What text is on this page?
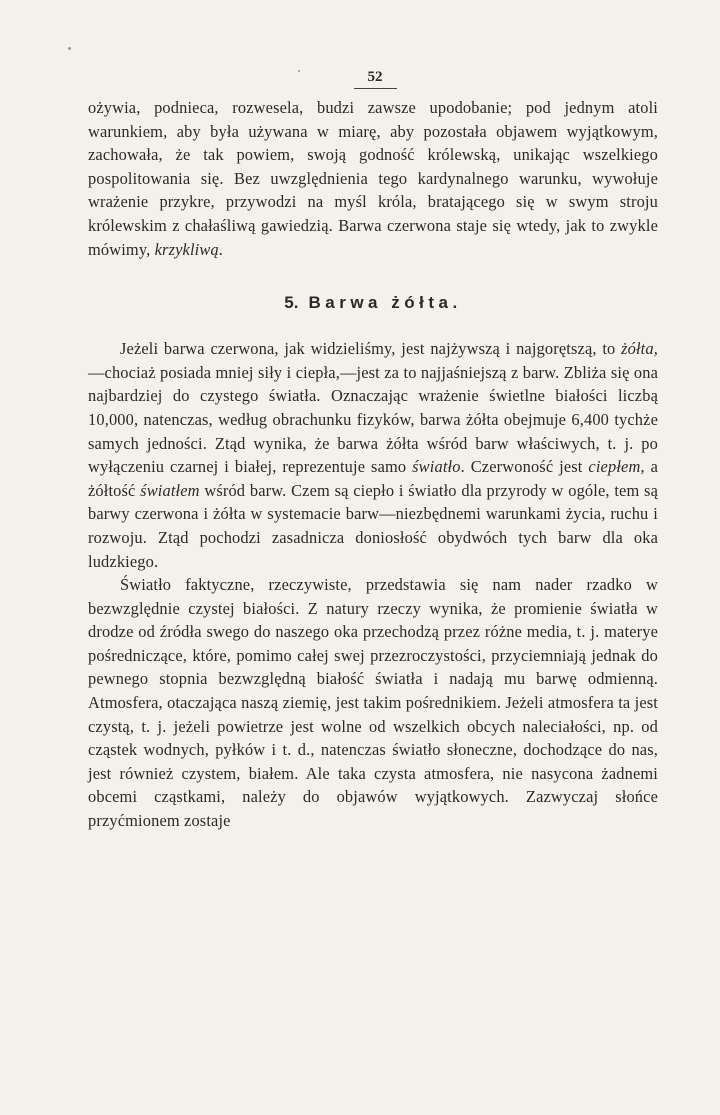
52

ożywia, podnieca, rozwesela, budzi zawsze upodobanie; pod jednym atoli warunkiem, aby była używana w miarę, aby pozostała objawem wyjątkowym, zachowała, że tak powiem, swoją godność królewską, unikając wszelkiego pospolitowania się. Bez uwzględnienia tego kardynalnego warunku, wywołuje wrażenie przykre, przywodzi na myśl króla, bratającego się w swym stroju królewskim z chałaśliwą gawiedzią. Barwa czerwona staje się wtedy, jak to zwykle mówimy, krzykliwą.

5. Barwa żółta.

Jeżeli barwa czerwona, jak widzieliśmy, jest najżywszą i najgorętszą, to żółta,—chociaż posiada mniej siły i ciepła,—jest za to najjaśniejszą z barw. Zbliża się ona najbardziej do czystego światła. Oznaczając wrażenie świetlne białości liczbą 10,000, natenczas, według obrachunku fizyków, barwa żółta obejmuje 6,400 tychże samych jedności. Ztąd wynika, że barwa żółta wśród barw właściwych, t. j. po wyłączeniu czarnej i białej, reprezentuje samo światło. Czerwoność jest ciepłem, a żółtość światłem wśród barw. Czem są ciepło i światło dla przyrody w ogóle, tem są barwy czerwona i żółta w systemacie barw—niezbędnemi warunkami życia, ruchu i rozwoju. Ztąd pochodzi zasadnicza doniosłość obydwóch tych barw dla oka ludzkiego.

Światło faktyczne, rzeczywiste, przedstawia się nam nader rzadko w bezwzględnie czystej białości. Z natury rzeczy wynika, że promienie światła w drodze od źródła swego do naszego oka przechodzą przez różne media, t. j. materye pośredniczące, które, pomimo całej swej przezroczystości, przyciemniają jednak do pewnego stopnia bezwzględną białość światła i nadają mu barwę odmienną. Atmosfera, otaczająca naszą ziemię, jest takim pośrednikiem. Jeżeli atmosfera ta jest czystą, t. j. jeżeli powietrze jest wolne od wszelkich obcych naleciałości, np. od cząstek wodnych, pyłków i t. d., natenczas światło słoneczne, dochodzące do nas, jest również czystem, białem. Ale taka czysta atmosfera, nie nasycona żadnemi obcemi cząstkami, należy do objawów wyjątkowych. Zazwyczaj słońce przyćmionem zostaje
